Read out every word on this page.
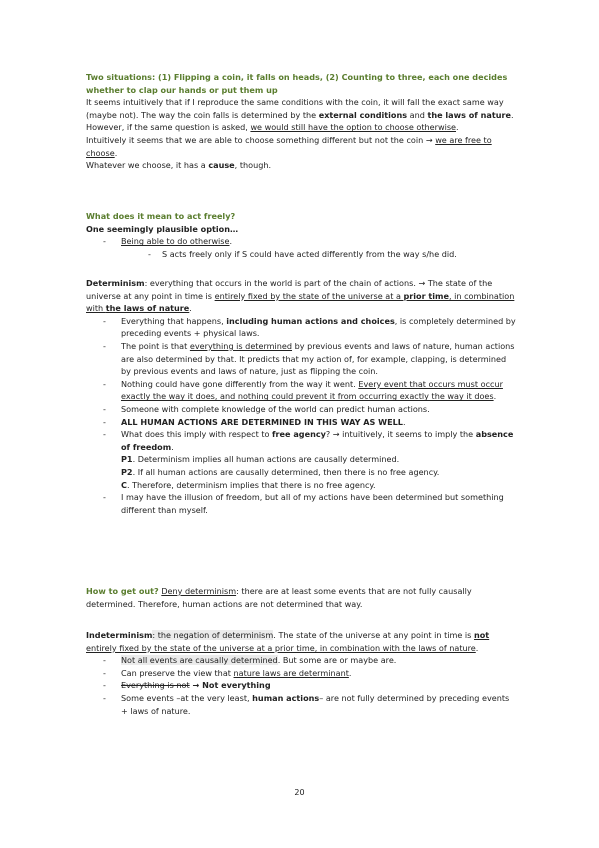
Two situations: (1) Flipping a coin, it falls on heads, (2) Counting to three, each one decides whether to clap our hands or put them up

It seems intuitively that if I reproduce the same conditions with the coin, it will fall the exact same way (maybe not). The way the coin falls is determined by the external conditions and the laws of nature.

However, if the same question is asked, we would still have the option to choose otherwise.

Intuitively it seems that we are able to choose something different but not the coin → we are free to choose.

Whatever we choose, it has a cause, though.

What does it mean to act freely?

One seemingly plausible option…

- Being able to do otherwise.
- S acts freely only if S could have acted differently from the way s/he did.

Determinism: everything that occurs in the world is part of the chain of actions. → The state of the universe at any point in time is entirely fixed by the state of the universe at a prior time, in combination with the laws of nature.

- Everything that happens, including human actions and choices, is completely determined by preceding events + physical laws.
- The point is that everything is determined by previous events and laws of nature, human actions are also determined by that. It predicts that my action of, for example, clapping, is determined by previous events and laws of nature, just as flipping the coin.
- Nothing could have gone differently from the way it went. Every event that occurs must occur exactly the way it does, and nothing could prevent it from occurring exactly the way it does.
- Someone with complete knowledge of the world can predict human actions.
- ALL HUMAN ACTIONS ARE DETERMINED IN THIS WAY AS WELL.
- What does this imply with respect to free agency? → intuitively, it seems to imply the absence of freedom.
P1. Determinism implies all human actions are causally determined.
P2. If all human actions are causally determined, then there is no free agency.
C. Therefore, determinism implies that there is no free agency.
- I may have the illusion of freedom, but all of my actions have been determined but something different than myself.

How to get out? Deny determinism: there are at least some events that are not fully causally determined. Therefore, human actions are not determined that way.

Indeterminism: the negation of determinism. The state of the universe at any point in time is not entirely fixed by the state of the universe at a prior time, in combination with the laws of nature.

- Not all events are causally determined. But some are or maybe are.
- Can preserve the view that nature laws are determinant.
- Everything is not → Not everything
- Some events –at the very least, human actions– are not fully determined by preceding events + laws of nature.
20
